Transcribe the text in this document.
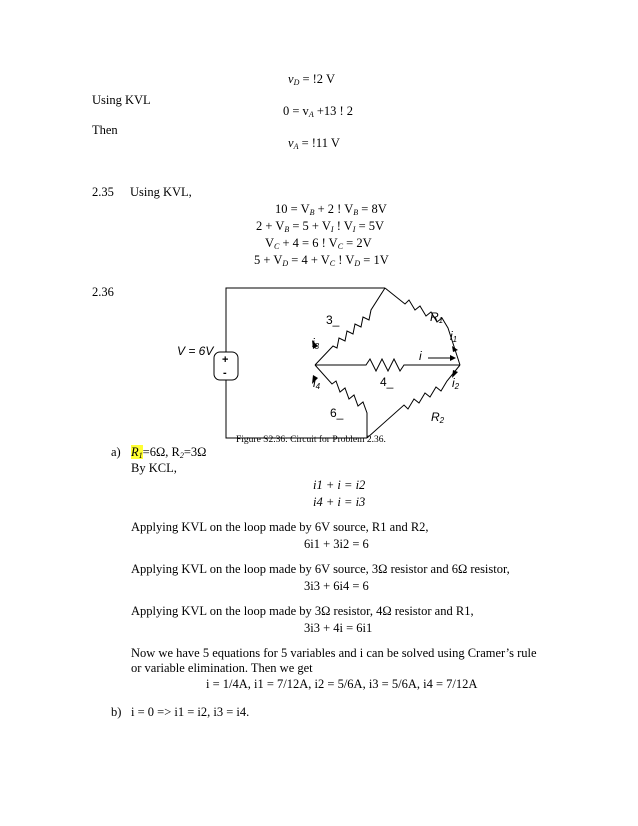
$v_D = !2$ V
Using KVL
$0 = v_A +13$ ! 2
Then
$v_A = !11$ V
2.35 Using KVL,
$10 = V_B + 2$ ! $V_B = 8V$
$2 + V_B = 5 + V_I$ ! $V_I = 5V$
$V_C + 4 = 6$ ! $V_C = 2V$
$5 + V_D = 4 + V_C$ ! $V_D = 1V$
2.36
V = 6V
+
-
3_
4_
6_
$R_1$
$R_2$
i
$i_1$
$i_2$
$i_3$
$i_4$
Figure S2.36: Circuit for Problem 2.36.
a) $R_1=6\Omega$, $R_2=3\Omega$
By KCL,
i1 + i = i2
i4 + i = i3
Applying KVL on the loop made by 6V source, R1 and R2,
6i1 + 3i2 = 6
Applying KVL on the loop made by 6V source, 3Ω resistor and 6Ω resistor,
3i3 + 6i4 = 6
Applying KVL on the loop made by 3Ω resistor, 4Ω resistor and R1,
3i3 + 4i = 6i1
Now we have 5 equations for 5 variables and i can be solved using Cramer’s rule
or variable elimination. Then we get
i = 1/4A, i1 = 7/12A, i2 = 5/6A, i3 = 5/6A, i4 = 7/12A
b) i = 0 => i1 = i2, i3 = i4.
